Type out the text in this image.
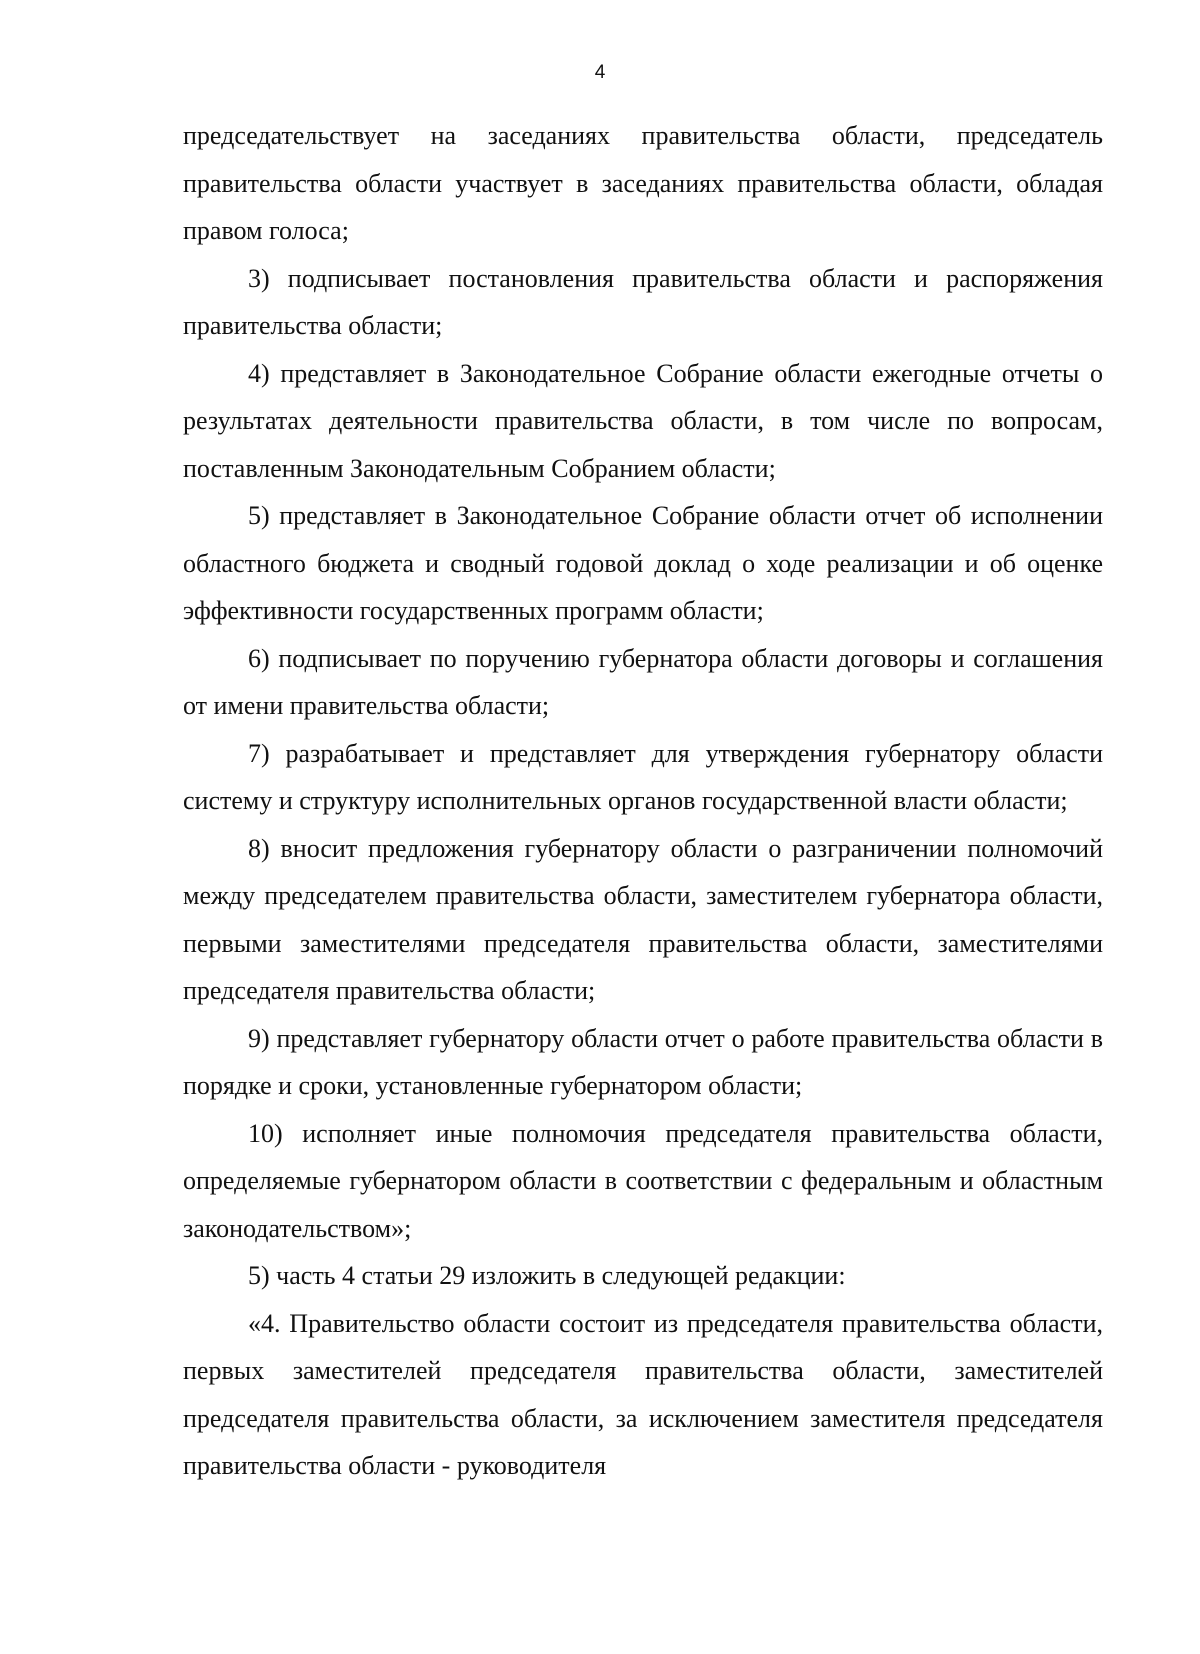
4

председательствует на заседаниях правительства области, председатель правительства области участвует в заседаниях правительства области, обладая правом голоса;

3) подписывает постановления правительства области и распоряжения правительства области;

4) представляет в Законодательное Собрание области ежегодные отчеты о результатах деятельности правительства области, в том числе по вопросам, поставленным Законодательным Собранием области;

5) представляет в Законодательное Собрание области отчет об исполнении областного бюджета и сводный годовой доклад о ходе реализации и об оценке эффективности государственных программ области;

6) подписывает по поручению губернатора области договоры и соглашения от имени правительства области;

7) разрабатывает и представляет для утверждения губернатору области систему и структуру исполнительных органов государственной власти области;

8) вносит предложения губернатору области о разграничении полномочий между председателем правительства области, заместителем губернатора области, первыми заместителями председателя правительства области, заместителями председателя правительства области;

9) представляет губернатору области отчет о работе правительства области в порядке и сроки, установленные губернатором области;

10) исполняет иные полномочия председателя правительства области, определяемые губернатором области в соответствии с федеральным и областным законодательством»;

5) часть 4 статьи 29 изложить в следующей редакции:

«4. Правительство области состоит из председателя правительства области, первых заместителей председателя правительства области, заместителей председателя правительства области, за исключением заместителя председателя правительства области - руководителя
